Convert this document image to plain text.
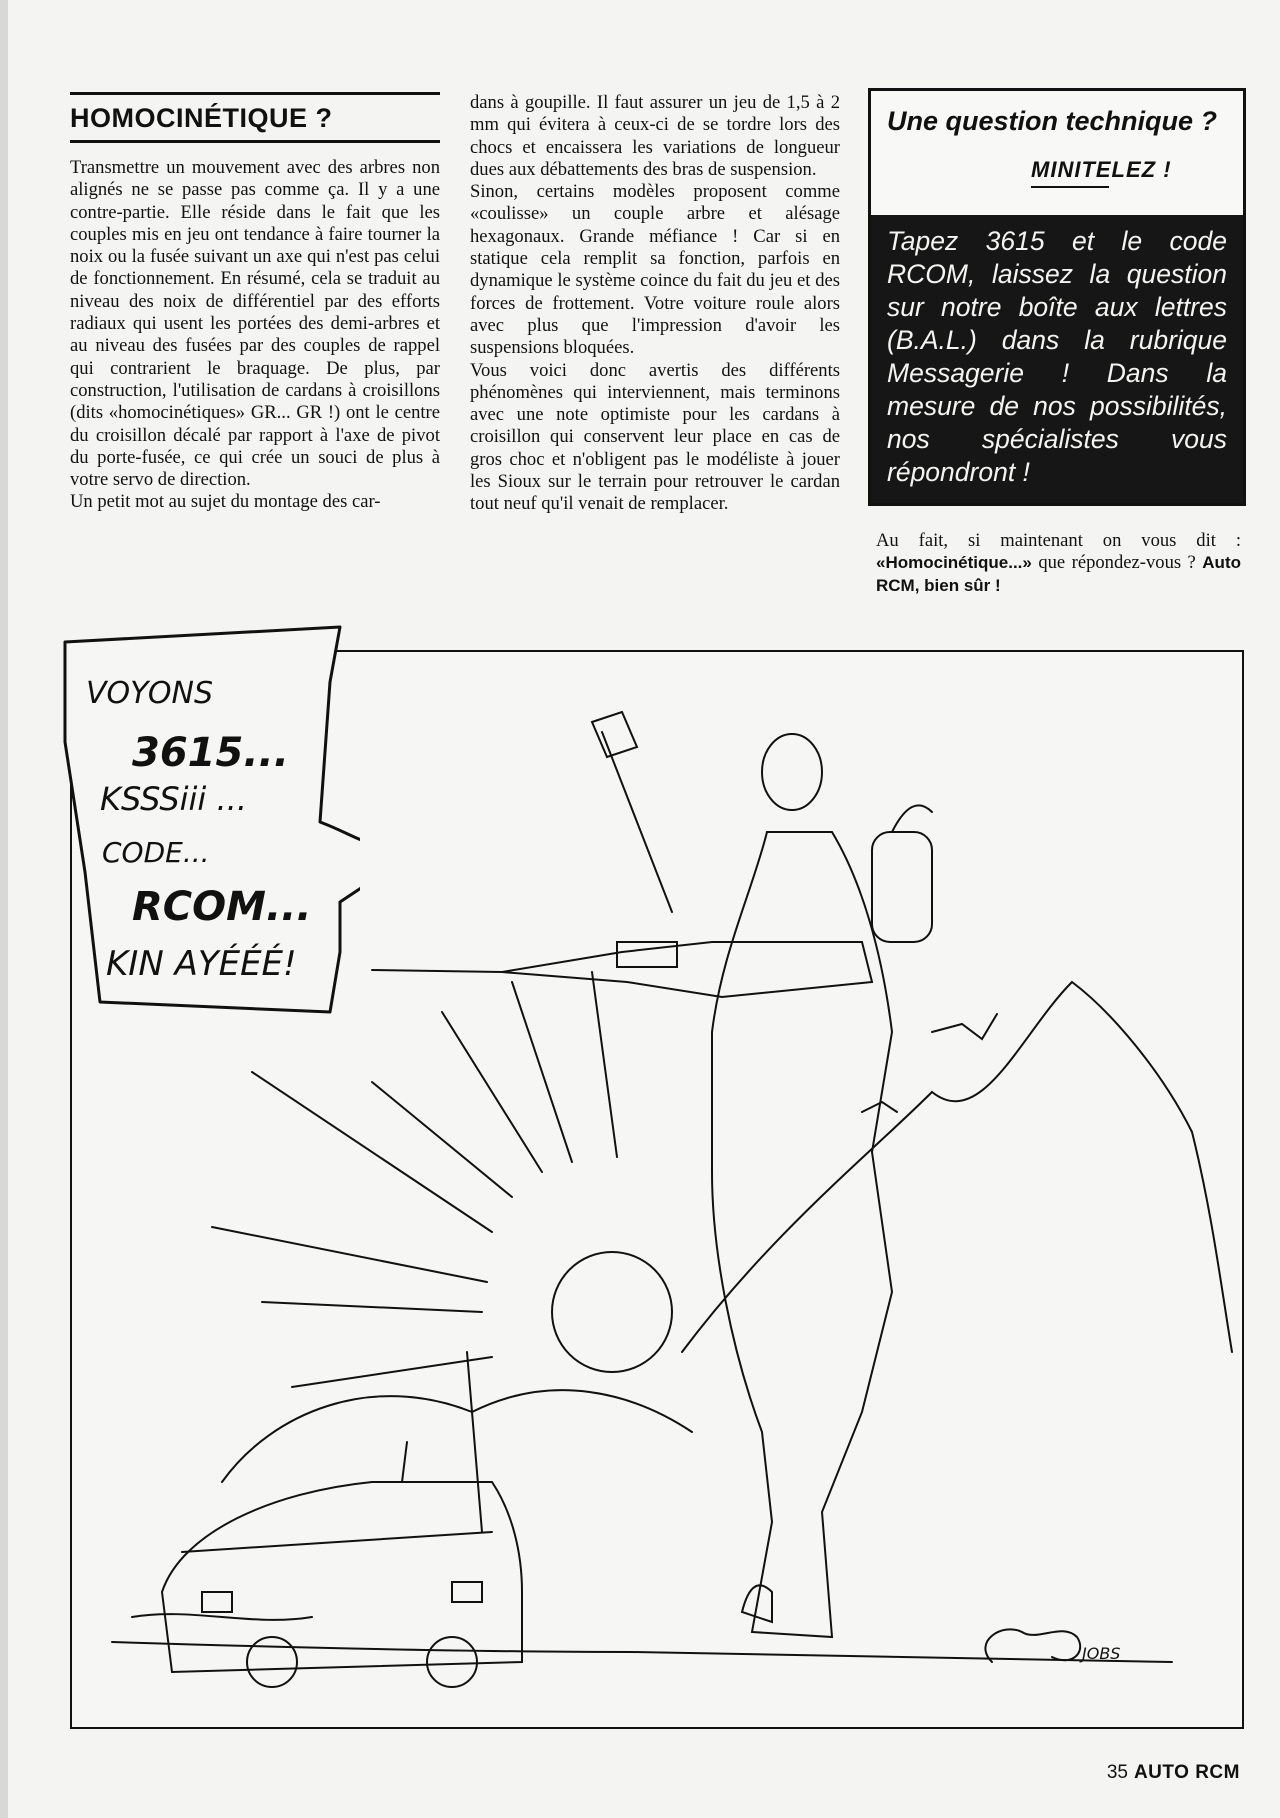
HOMOCINÉTIQUE ?

Transmettre un mouvement avec des arbres non alignés ne se passe pas comme ça. Il y a une contre-partie. Elle réside dans le fait que les couples mis en jeu ont tendance à faire tourner la noix ou la fusée suivant un axe qui n'est pas celui de fonctionnement. En résumé, cela se traduit au niveau des noix de différentiel par des efforts radiaux qui usent les portées des demi-arbres et au niveau des fusées par des couples de rappel qui contrarient le braquage. De plus, par construction, l'utilisation de cardans à croisillons (dits «homocinétiques» GR... GR !) ont le centre du croisillon décalé par rapport à l'axe de pivot du porte-fusée, ce qui crée un souci de plus à votre servo de direction.

Un petit mot au sujet du montage des car-

dans à goupille. Il faut assurer un jeu de 1,5 à 2 mm qui évitera à ceux-ci de se tordre lors des chocs et encaissera les variations de longueur dues aux débattements des bras de suspension.

Sinon, certains modèles proposent comme «coulisse» un couple arbre et alésage hexagonaux. Grande méfiance ! Car si en statique cela remplit sa fonction, parfois en dynamique le système coince du fait du jeu et des forces de frottement. Votre voiture roule alors avec plus que l'impression d'avoir les suspensions bloquées.

Vous voici donc avertis des différents phénomènes qui interviennent, mais terminons avec une note optimiste pour les cardans à croisillon qui conservent leur place en cas de gros choc et n'obligent pas le modéliste à jouer les Sioux sur le terrain pour retrouver le cardan tout neuf qu'il venait de remplacer.

Une question technique ?

MINITELEZ !

Tapez 3615 et le code RCOM, laissez la question sur notre boîte aux lettres (B.A.L.) dans la rubrique Messagerie ! Dans la mesure de nos possibilités, nos spécialistes vous répondront !

Au fait, si maintenant on vous dit : «Homocinétique...» que répondez-vous ? Auto RCM, bien sûr !

JOBS
VOYONS
3615...
KSSSiii ...
CODE...
RCOM...
KIN AYÉÉÉ!
35 AUTO RCM
